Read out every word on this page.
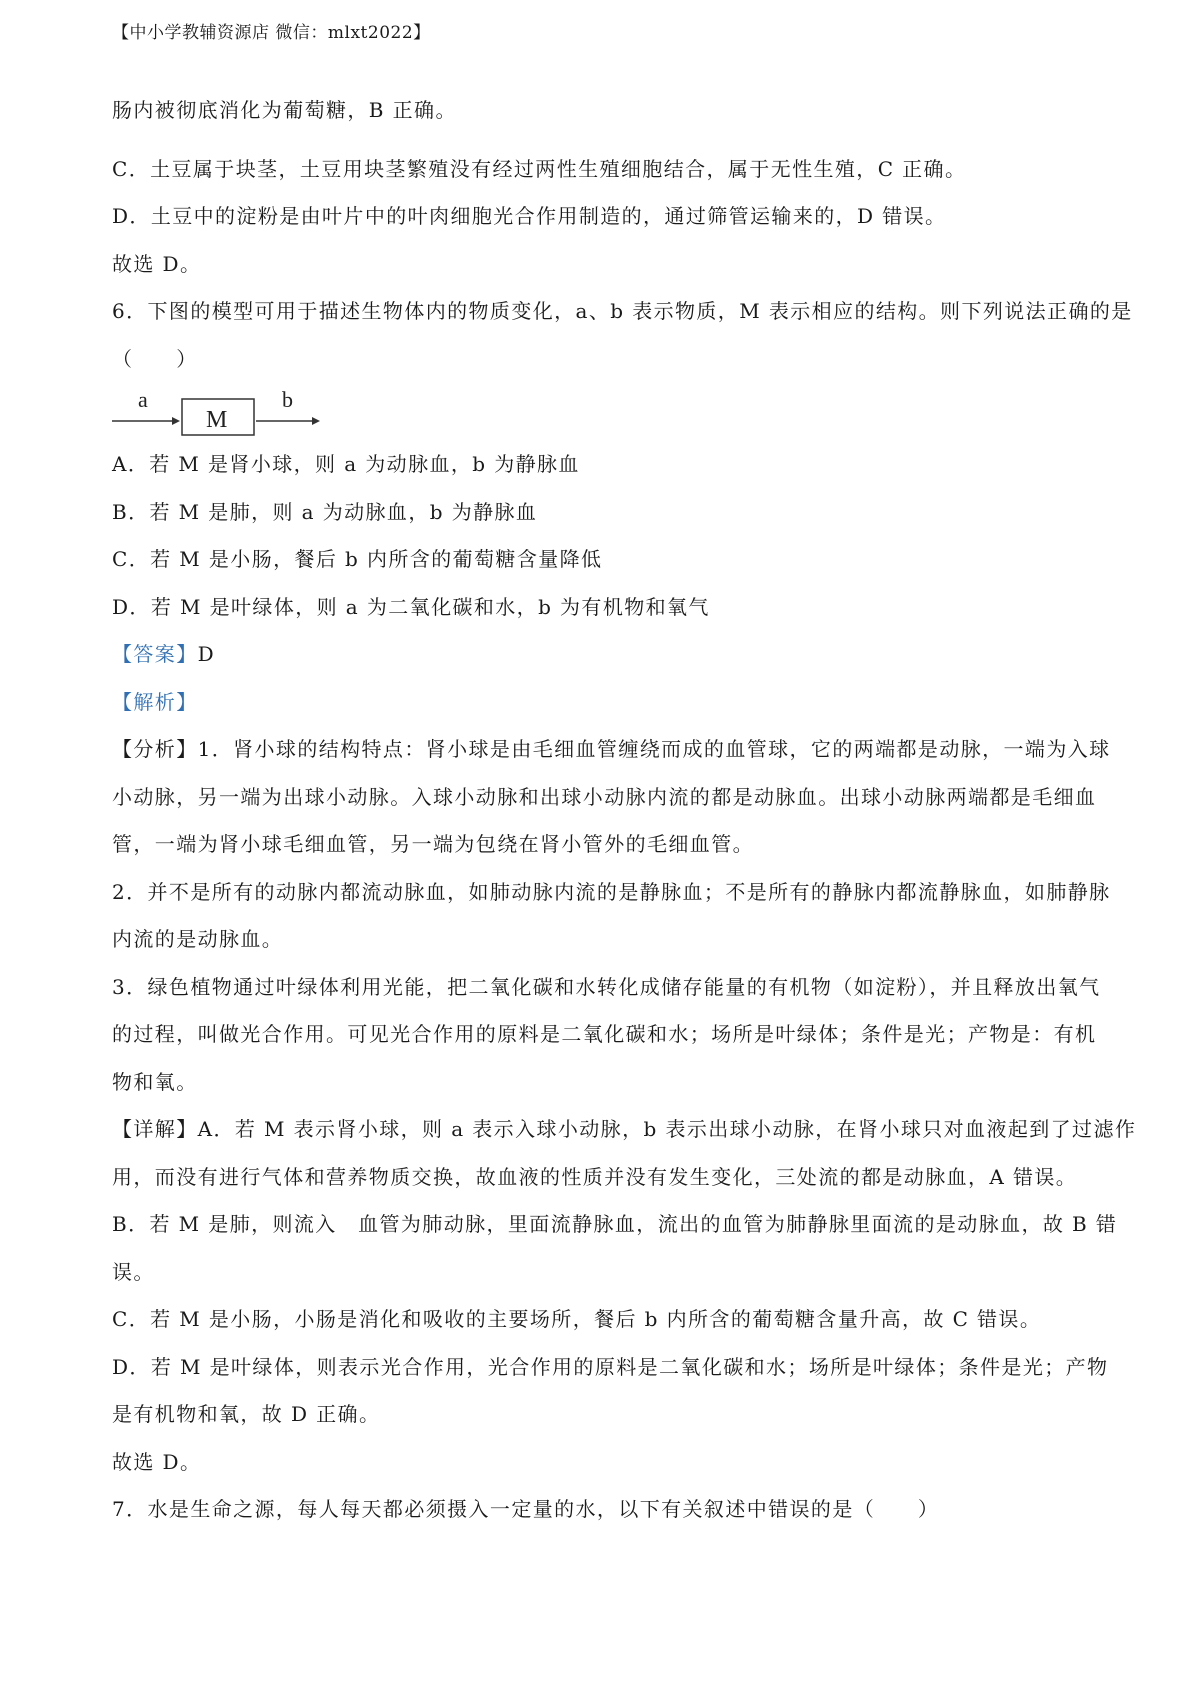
【中小学教辅资源店 微信：mlxt2022】
肠内被彻底消化为葡萄糖，B 正确。
C．土豆属于块茎，土豆用块茎繁殖没有经过两性生殖细胞结合，属于无性生殖，C 正确。
D．土豆中的淀粉是由叶片中的叶肉细胞光合作用制造的，通过筛管运输来的，D 错误。
故选 D。
6．下图的模型可用于描述生物体内的物质变化，a、b 表示物质，M 表示相应的结构。则下列说法正确的是
（　　）
a
M
b
A．若 M 是肾小球，则 a 为动脉血，b 为静脉血
B．若 M 是肺，则 a 为动脉血，b 为静脉血
C．若 M 是小肠，餐后 b 内所含的葡萄糖含量降低
D．若 M 是叶绿体，则 a 为二氧化碳和水，b 为有机物和氧气
【答案】D
【解析】
【分析】1．肾小球的结构特点：肾小球是由毛细血管缠绕而成的血管球，它的两端都是动脉，一端为入球
小动脉，另一端为出球小动脉。入球小动脉和出球小动脉内流的都是动脉血。出球小动脉两端都是毛细血
管，一端为肾小球毛细血管，另一端为包绕在肾小管外的毛细血管。
2．并不是所有的动脉内都流动脉血，如肺动脉内流的是静脉血；不是所有的静脉内都流静脉血，如肺静脉
内流的是动脉血。
3．绿色植物通过叶绿体利用光能，把二氧化碳和水转化成储存能量的有机物（如淀粉），并且释放出氧气
的过程，叫做光合作用。可见光合作用的原料是二氧化碳和水；场所是叶绿体；条件是光；产物是：有机
物和氧。
【详解】A．若 M 表示肾小球，则 a 表示入球小动脉，b 表示出球小动脉，在肾小球只对血液起到了过滤作
用，而没有进行气体和营养物质交换，故血液的性质并没有发生变化，三处流的都是动脉血，A 错误。
B．若 M 是肺，则流入　血管为肺动脉，里面流静脉血，流出的血管为肺静脉里面流的是动脉血，故 B 错
误。
C．若 M 是小肠，小肠是消化和吸收的主要场所，餐后 b 内所含的葡萄糖含量升高，故 C 错误。
D．若 M 是叶绿体，则表示光合作用，光合作用的原料是二氧化碳和水；场所是叶绿体；条件是光；产物
是有机物和氧，故 D 正确。
故选 D。
7．水是生命之源，每人每天都必须摄入一定量的水，以下有关叙述中错误的是（　　）
